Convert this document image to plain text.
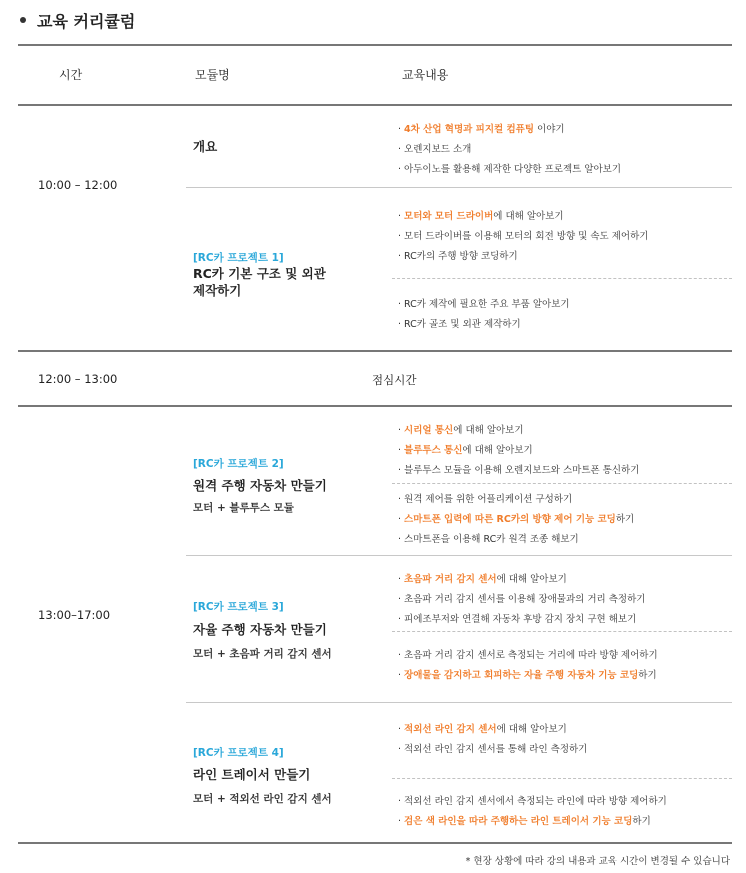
교육 커리큘럼
시간	모듈명	교육내용
10:00 – 12:00
12:00 – 13:00
13:00–17:00
점심시간
개요
[RC카 프로젝트 1]
RC카 기본 구조 및 외관
제작하기
[RC카 프로젝트 2]
원격 주행 자동차 만들기
모터 + 블루투스 모듈
[RC카 프로젝트 3]
자율 주행 자동차 만들기
모터 + 초음파 거리 감지 센서
[RC카 프로젝트 4]
라인 트레이서 만들기
모터 + 적외선 라인 감지 센서
· 4차 산업 혁명과 피지컬 컴퓨팅 이야기
· 오렌지보드 소개
· 아두이노를 활용해 제작한 다양한 프로젝트 알아보기
· 모터와 모터 드라이버에 대해 알아보기
· 모터 드라이버를 이용해 모터의 회전 방향 및 속도 제어하기
· RC카의 주행 방향 코딩하기
· RC카 제작에 필요한 주요 부품 알아보기
· RC카 골조 및 외관 제작하기
· 시리얼 통신에 대해 알아보기
· 블루투스 통신에 대해 알아보기
· 블루투스 모듈을 이용해 오렌지보드와 스마트폰 통신하기
· 원격 제어를 위한 어플리케이션 구성하기
· 스마트폰 입력에 따른 RC카의 방향 제어 기능 코딩하기
· 스마트폰을 이용해 RC카 원격 조종 해보기
· 초음파 거리 감지 센서에 대해 알아보기
· 초음파 거리 감지 센서를 이용해 장애물과의 거리 측정하기
· 피에조부저와 연결해 자동차 후방 감지 장치 구현 해보기
· 초음파 거리 감지 센서로 측정되는 거리에 따라 방향 제어하기
· 장애물을 감지하고 회피하는 자율 주행 자동차 기능 코딩하기
· 적외선 라인 감지 센서에 대해 알아보기
· 적외선 라인 감지 센서를 통해 라인 측정하기
· 적외선 라인 감지 센서에서 측정되는 라인에 따라 방향 제어하기
· 검은 색 라인을 따라 주행하는 라인 트레이서 기능 코딩하기
* 현장 상황에 따라 강의 내용과 교육 시간이 변경될 수 있습니다
